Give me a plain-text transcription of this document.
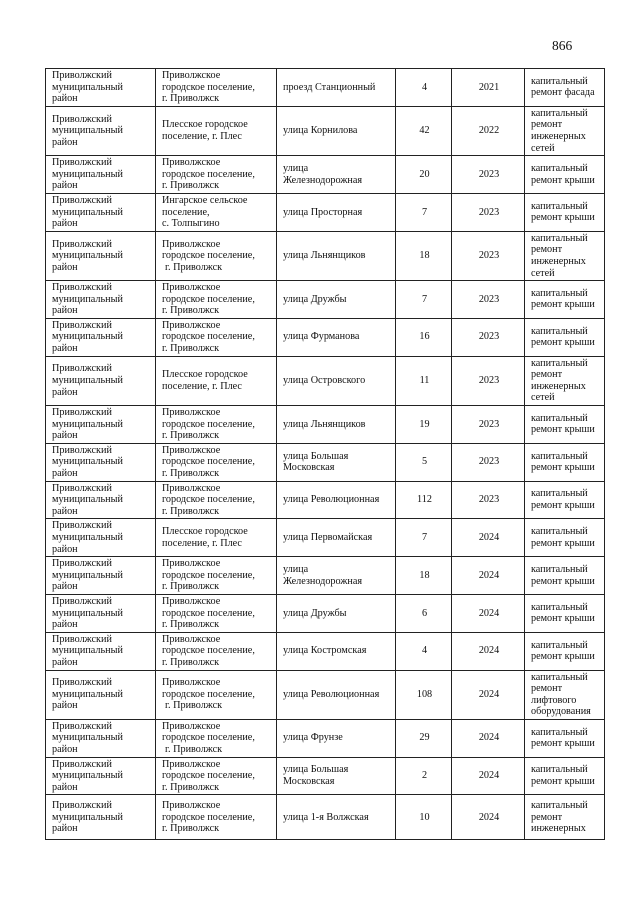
866
Приволжский
муниципальный
район	Приволжское
городское поселение,
г. Приволжск	проезд Станционный	4	2021	капитальный
ремонт фасада

Приволжский
муниципальный
район	Плесское городское
поселение, г. Плес	улица Корнилова	42	2022	капитальный
ремонт
инженерных
сетей

Приволжский
муниципальный
район	Приволжское
городское поселение,
г. Приволжск	улица
Железнодорожная	20	2023	капитальный
ремонт крыши

Приволжский
муниципальный
район	Ингарское сельское
поселение,
с. Толпыгино	улица Просторная	7	2023	капитальный
ремонт крыши

Приволжский
муниципальный
район	Приволжское
городское поселение,
г. Приволжск	улица Льнянщиков	18	2023	капитальный
ремонт
инженерных
сетей

Приволжский
муниципальный
район	Приволжское
городское поселение,
г. Приволжск	улица Дружбы	7	2023	капитальный
ремонт крыши

Приволжский
муниципальный
район	Приволжское
городское поселение,
г. Приволжск	улица Фурманова	16	2023	капитальный
ремонт крыши

Приволжский
муниципальный
район	Плесское городское
поселение, г. Плес	улица Островского	11	2023	капитальный
ремонт
инженерных
сетей

Приволжский
муниципальный
район	Приволжское
городское поселение,
г. Приволжск	улица Льнянщиков	19	2023	капитальный
ремонт крыши

Приволжский
муниципальный
район	Приволжское
городское поселение,
г. Приволжск	улица Большая
Московская	5	2023	капитальный
ремонт крыши

Приволжский
муниципальный
район	Приволжское
городское поселение,
г. Приволжск	улица Революционная	112	2023	капитальный
ремонт крыши

Приволжский
муниципальный
район	Плесское городское
поселение, г. Плес	улица Первомайская	7	2024	капитальный
ремонт крыши

Приволжский
муниципальный
район	Приволжское
городское поселение,
г. Приволжск	улица
Железнодорожная	18	2024	капитальный
ремонт крыши

Приволжский
муниципальный
район	Приволжское
городское поселение,
г. Приволжск	улица Дружбы	6	2024	капитальный
ремонт крыши

Приволжский
муниципальный
район	Приволжское
городское поселение,
г. Приволжск	улица Костромская	4	2024	капитальный
ремонт крыши

Приволжский
муниципальный
район	Приволжское
городское поселение,
г. Приволжск	улица Революционная	108	2024	капитальный
ремонт
лифтового
оборудования

Приволжский
муниципальный
район	Приволжское
городское поселение,
г. Приволжск	улица Фрунзе	29	2024	капитальный
ремонт крыши

Приволжский
муниципальный
район	Приволжское
городское поселение,
г. Приволжск	улица Большая
Московская	2	2024	капитальный
ремонт крыши

Приволжский
муниципальный
район	Приволжское
городское поселение,
г. Приволжск	улица 1-я Волжская	10	2024	капитальный
ремонт
инженерных
